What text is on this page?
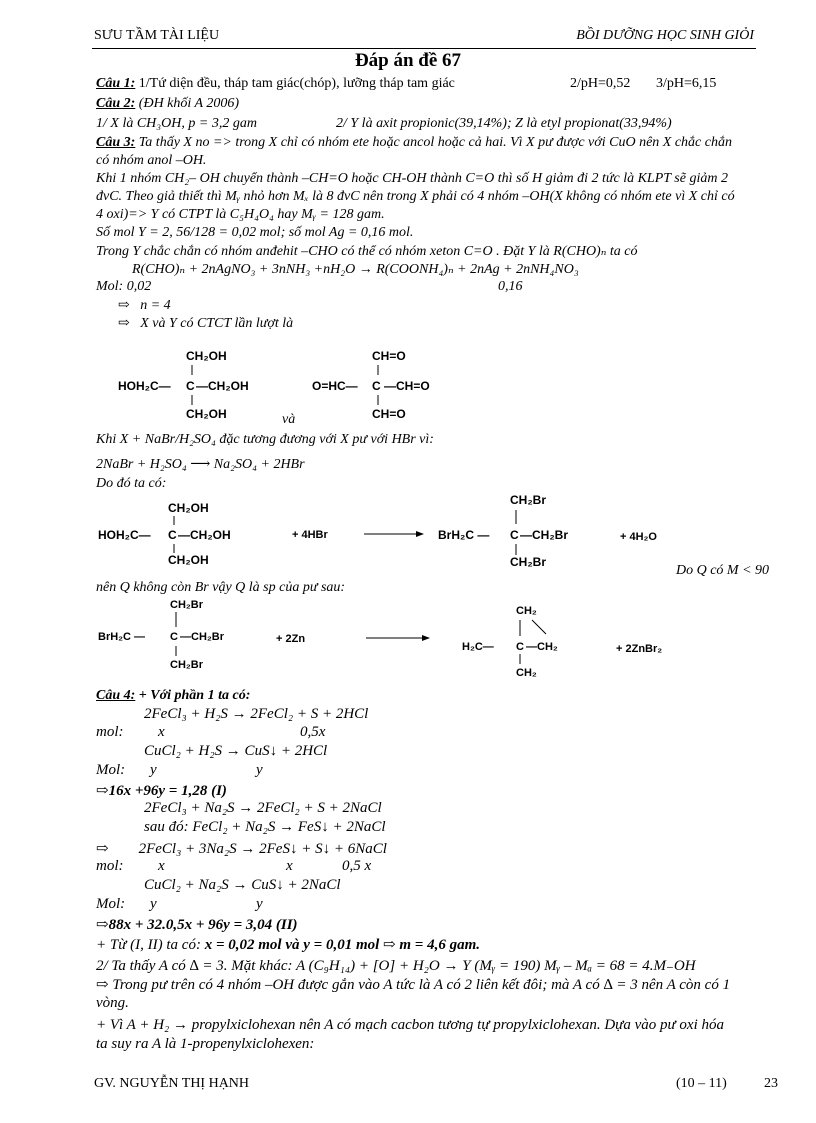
SƯU TẦM TÀI LIỆU	BỒI DƯỠNG HỌC SINH GIỎI
Đáp án đề 67
Câu 1: 1/Tứ diện đều, tháp tam giác(chóp), lưỡng tháp tam giác	2/pH=0,52 3/pH=6,15
Câu 2: (ĐH khối A 2006)
1/ X là CH₃OH, p = 3,2 gam	2/ Y là axit propionic(39,14%); Z là etyl propionat(33,94%)
Câu 3: Ta thấy X no => trong X chỉ có nhóm ete hoặc ancol hoặc cả hai. Vì X pư được với CuO nên X chắc chắn
có nhóm anol –OH.
Khi 1 nhóm CH₂– OH chuyển thành –CH=O hoặc CH-OH thành C=O thì số H giảm đi 2 tức là KLPT sẽ giảm 2
đvC. Theo giả thiết thì Mᵧ nhỏ hơn Mₓ là 8 đvC nên trong X phải có 4 nhóm –OH(X không có nhóm ete vì X chỉ có
4 oxi)=> Y có CTPT là C₅H₄O₄ hay Mᵧ = 128 gam.
Số mol Y = 2, 56/128 = 0,02 mol; số mol Ag = 0,16 mol.
Trong Y chắc chắn có nhóm anđehit –CHO có thể có nhóm xeton C=O . Đặt Y là R(CHO)ₙ ta có
R(CHO)ₙ + 2nAgNO₃ + 3nNH₃ +nH₂O → R(COONH₄)ₙ + 2nAg + 2nNH₄NO₃
Mol: 0,02	0,16
⇨ n = 4
⇨ X và Y có CTCT lần lượt là
CH₂OH
HOH₂C— C —CH₂OH
CH₂OH	và
CH=O
O=HC— C —CH=O
CH=O
Khi X + NaBr/H₂SO₄ đặc tương đương với X pư với HBr vì:
2NaBr + H₂SO₄ ⟶ Na₂SO₄ + 2HBr
Do đó ta có:
CH₂OH
HOH₂C— C —CH₂OH
CH₂OH
+ 4HBr
CH₂Br
BrH₂C — C —CH₂Br
CH₂Br
+ 4H₂O
Do Q có M < 90
nên Q không còn Br vậy Q là sp của pư sau:
CH₂Br
BrH₂C — C —CH₂Br
CH₂Br
+ 2Zn
CH₂
H₂C— C —CH₂
CH₂
+ 2ZnBr₂
Câu 4: + Với phần 1 ta có:
2FeCl₃ + H₂S → 2FeCl₂ + S + 2HCl
mol: x	0,5x
CuCl₂ + H₂S → CuS↓ + 2HCl
Mol: y	y
⇨16x +96y = 1,28 (I)
2FeCl₃ + Na₂S → 2FeCl₂ + S + 2NaCl
sau đó: FeCl₂ + Na₂S → FeS↓ + 2NaCl
⇨ 2FeCl₃ + 3Na₂S → 2FeS↓ + S↓ + 6NaCl
mol: x	x	0,5 x
CuCl₂ + Na₂S → CuS↓ + 2NaCl
Mol: y	y
⇨88x + 32.0,5x + 96y = 3,04 (II)
+ Từ (I, II) ta có: x = 0,02 mol và y = 0,01 mol ⇨ m = 4,6 gam.
2/ Ta thấy A có ∆ = 3. Mặt khác: A (C₉H₁₄) + [O] + H₂O → Y (Mᵧ = 190) Mᵧ – Mₐ = 68 = 4.M₋OH
⇨ Trong pư trên có 4 nhóm –OH được gắn vào A tức là A có 2 liên kết đôi; mà A có ∆ = 3 nên A còn có 1
vòng.
+ Vì A + H₂ → propylxiclohexan nên A có mạch cacbon tương tự propylxiclohexan. Dựa vào pư oxi hóa
ta suy ra A là 1-propenylxiclohexen:
GV. NGUYỄN THỊ HẠNH	(10 – 11)	23
